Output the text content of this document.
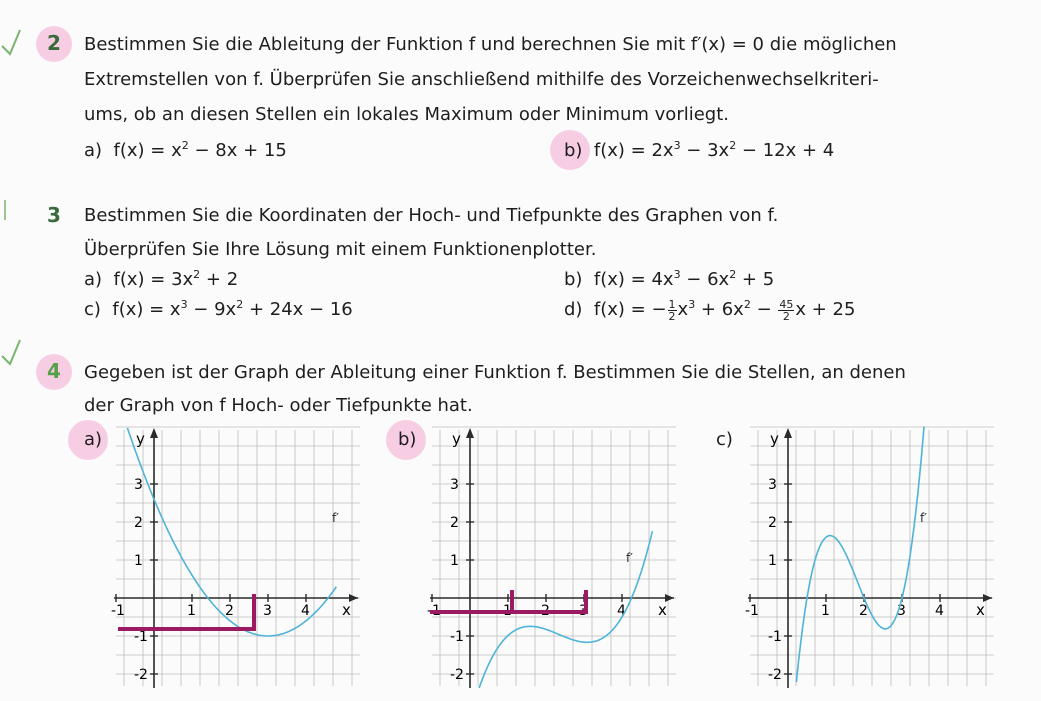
2 Bestimmen Sie die Ableitung der Funktion f und berechnen Sie mit f′(x) = 0 die möglichen
Extremstellen von f. Überprüfen Sie anschließend mithilfe des Vorzeichenwechselkriteri-
ums, ob an diesen Stellen ein lokales Maximum oder Minimum vorliegt.
a)  $f(x) = x^2 - 8x + 15$	b)  $f(x) = 2x^3 - 3x^2 - 12x + 4$
3 Bestimmen Sie die Koordinaten der Hoch- und Tiefpunkte des Graphen von f.
Überprüfen Sie Ihre Lösung mit einem Funktionenplotter.
a)  $f(x) = 3x^2 + 2$	b)  $f(x) = 4x^3 - 6x^2 + 5$
c)  $f(x) = x^3 - 9x^2 + 24x - 16$	d)  f(x) = − $\frac{1}{2} x^3 + 6x^2 - \frac{45}{2}$ x + 25
4 Gegeben ist der Graph der Ableitung einer Funktion f. Bestimmen Sie die Stellen, an denen
der Graph von f Hoch- oder Tiefpunkte hat.
a)	b)	c)
y
x
-1	1 2 3 4
3
2
1
-1
-2
f′
y
x
-1	1 2 3 4
3
2
1
-1
-2
f′
y
x
-1	1 2 3 4
3
2
1
-1
-2
f′
